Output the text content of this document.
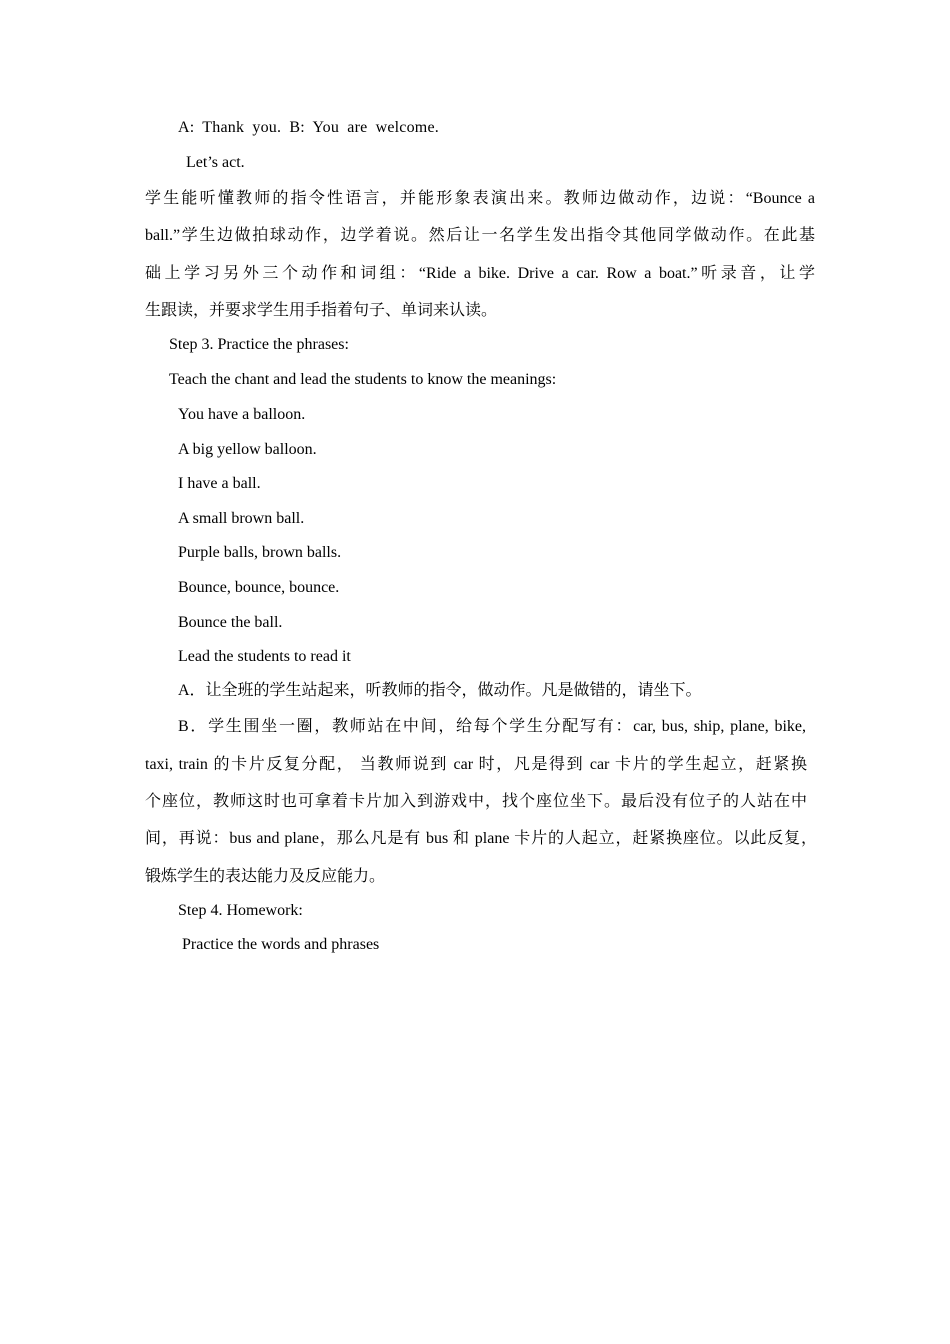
A: Thank you. B: You are welcome.
Let’s act.
学生能听懂教师的指令性语言，并能形象表演出来。教师边做动作，边说：“Bounce a
ball.”学生边做拍球动作，边学着说。然后让一名学生发出指令其他同学做动作。在此基
础上学习另外三个动作和词组：“Ride a bike. Drive a car. Row a boat.”听录音，让学
生跟读，并要求学生用手指着句子、单词来认读。
Step 3. Practice the phrases:
Teach the chant and lead the students to know the meanings:
You have a balloon.
A big yellow balloon.
I have a ball.
A small brown ball.
Purple balls, brown balls.
Bounce, bounce, bounce.
Bounce the ball.
Lead the students to read it
A．让全班的学生站起来，听教师的指令，做动作。凡是做错的，请坐下。
B．学生围坐一圈，教师站在中间，给每个学生分配写有：car, bus, ship, plane, bike,
taxi, train 的卡片反复分配， 当教师说到 car 时，凡是得到 car 卡片的学生起立，赶紧换
个座位，教师这时也可拿着卡片加入到游戏中，找个座位坐下。最后没有位子的人站在中
间，再说：bus and plane，那么凡是有 bus 和 plane 卡片的人起立，赶紧换座位。以此反复，
锻炼学生的表达能力及反应能力。
Step 4. Homework:
Practice the words and phrases
